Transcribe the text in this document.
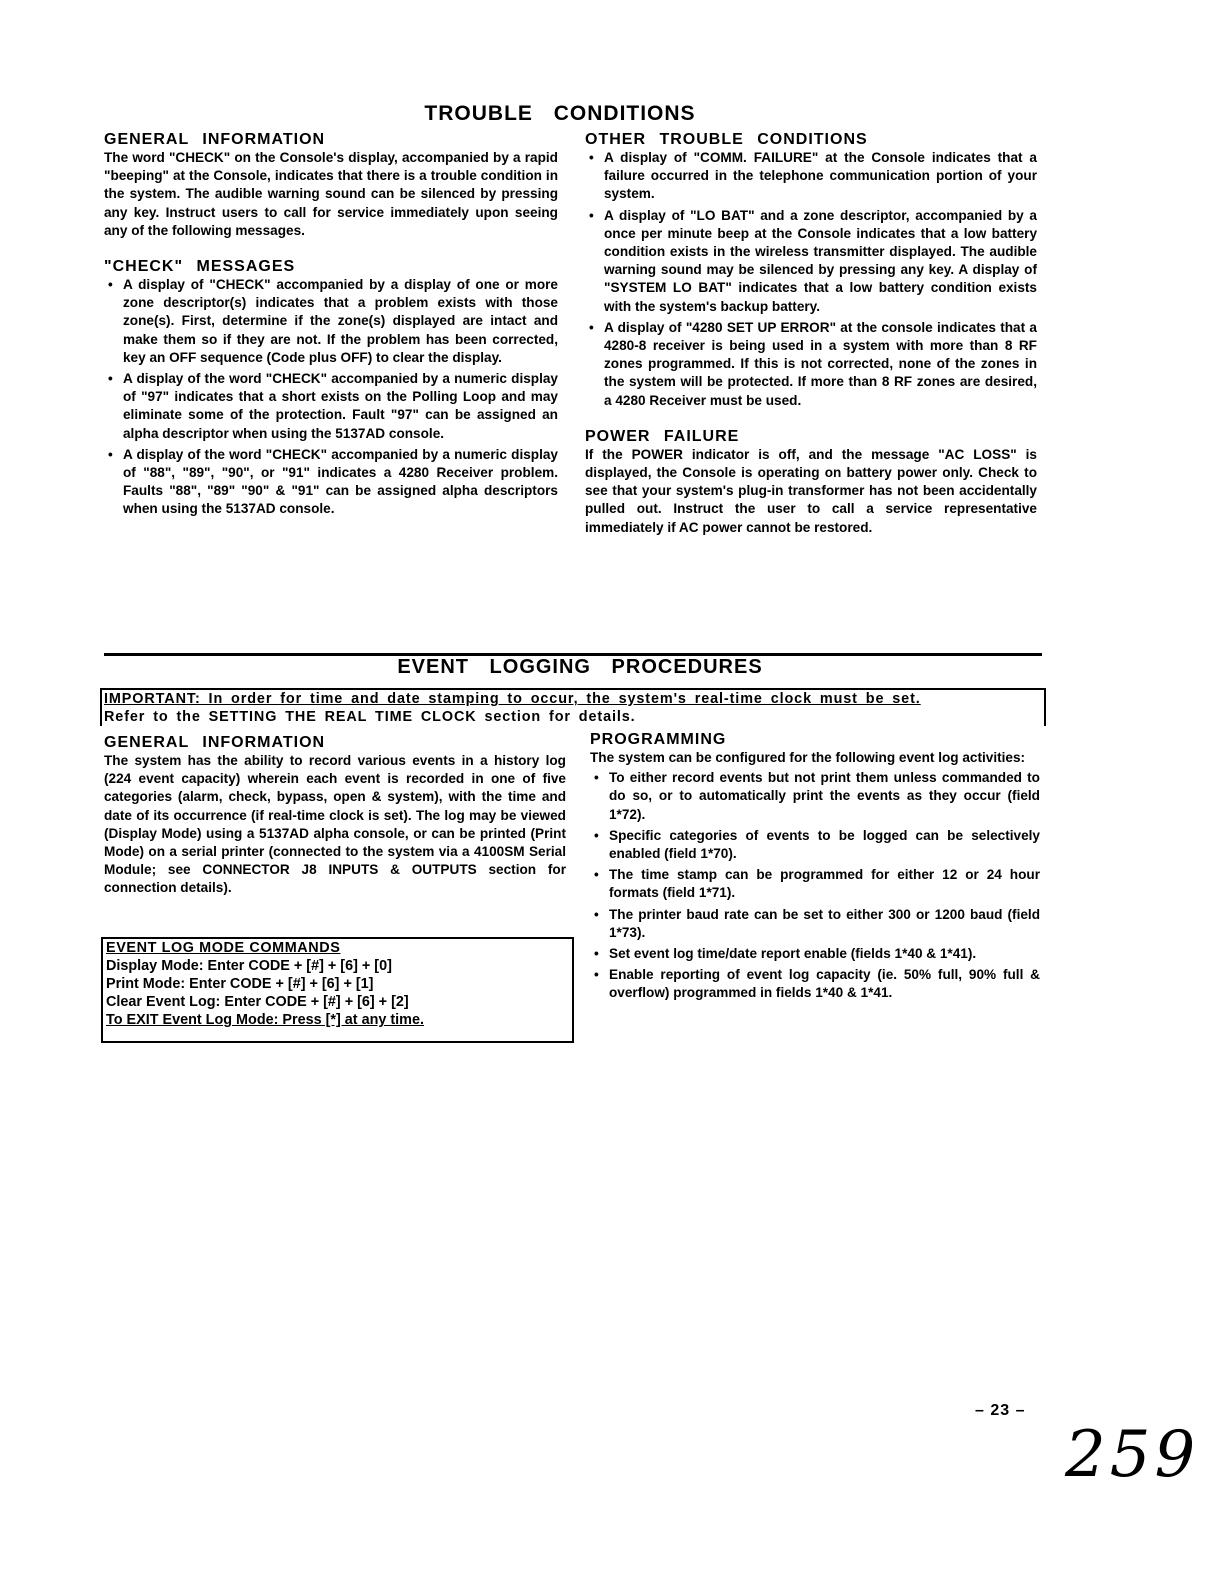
TROUBLE CONDITIONS
GENERAL INFORMATION
The word "CHECK" on the Console's display, accompanied by a rapid "beeping" at the Console, indicates that there is a trouble condition in the system. The audible warning sound can be silenced by pressing any key. Instruct users to call for service immediately upon seeing any of the following messages.
"CHECK" MESSAGES
• A display of "CHECK" accompanied by a display of one or more zone descriptor(s) indicates that a problem exists with those zone(s). First, determine if the zone(s) displayed are intact and make them so if they are not. If the problem has been corrected, key an OFF sequence (Code plus OFF) to clear the display.
• A display of the word "CHECK" accompanied by a numeric display of "97" indicates that a short exists on the Polling Loop and may eliminate some of the protection. Fault "97" can be assigned an alpha descriptor when using the 5137AD console.
• A display of the word "CHECK" accompanied by a numeric display of "88", "89", "90", or "91" indicates a 4280 Receiver problem. Faults "88", "89" "90" & "91" can be assigned alpha descriptors when using the 5137AD console.
OTHER TROUBLE CONDITIONS
• A display of "COMM. FAILURE" at the Console indicates that a failure occurred in the telephone communication portion of your system.
• A display of "LO BAT" and a zone descriptor, accompanied by a once per minute beep at the Console indicates that a low battery condition exists in the wireless transmitter displayed. The audible warning sound may be silenced by pressing any key. A display of "SYSTEM LO BAT" indicates that a low battery condition exists with the system's backup battery.
• A display of "4280 SET UP ERROR" at the console indicates that a 4280-8 receiver is being used in a system with more than 8 RF zones programmed. If this is not corrected, none of the zones in the system will be protected. If more than 8 RF zones are desired, a 4280 Receiver must be used.
POWER FAILURE
If the POWER indicator is off, and the message "AC LOSS" is displayed, the Console is operating on battery power only. Check to see that your system's plug-in transformer has not been accidentally pulled out. Instruct the user to call a service representative immediately if AC power cannot be restored.
EVENT LOGGING PROCEDURES
IMPORTANT: In order for time and date stamping to occur, the system's real-time clock must be set.
Refer to the SETTING THE REAL TIME CLOCK section for details.
GENERAL INFORMATION
The system has the ability to record various events in a history log (224 event capacity) wherein each event is recorded in one of five categories (alarm, check, bypass, open & system), with the time and date of its occurrence (if real-time clock is set). The log may be viewed (Display Mode) using a 5137AD alpha console, or can be printed (Print Mode) on a serial printer (connected to the system via a 4100SM Serial Module; see CONNECTOR J8 INPUTS & OUTPUTS section for connection details).
EVENT LOG MODE COMMANDS
Display Mode: Enter CODE + [#] + [6] + [0]
Print Mode: Enter CODE + [#] + [6] + [1]
Clear Event Log: Enter CODE + [#] + [6] + [2]
To EXIT Event Log Mode: Press [*] at any time.
PROGRAMMING
The system can be configured for the following event log activities:
• To either record events but not print them unless commanded to do so, or to automatically print the events as they occur (field 1*72).
• Specific categories of events to be logged can be selectively enabled (field 1*70).
• The time stamp can be programmed for either 12 or 24 hour formats (field 1*71).
• The printer baud rate can be set to either 300 or 1200 baud (field 1*73).
• Set event log time/date report enable (fields 1*40 & 1*41).
• Enable reporting of event log capacity (ie. 50% full, 90% full & overflow) programmed in fields 1*40 & 1*41.
– 23 –
259
